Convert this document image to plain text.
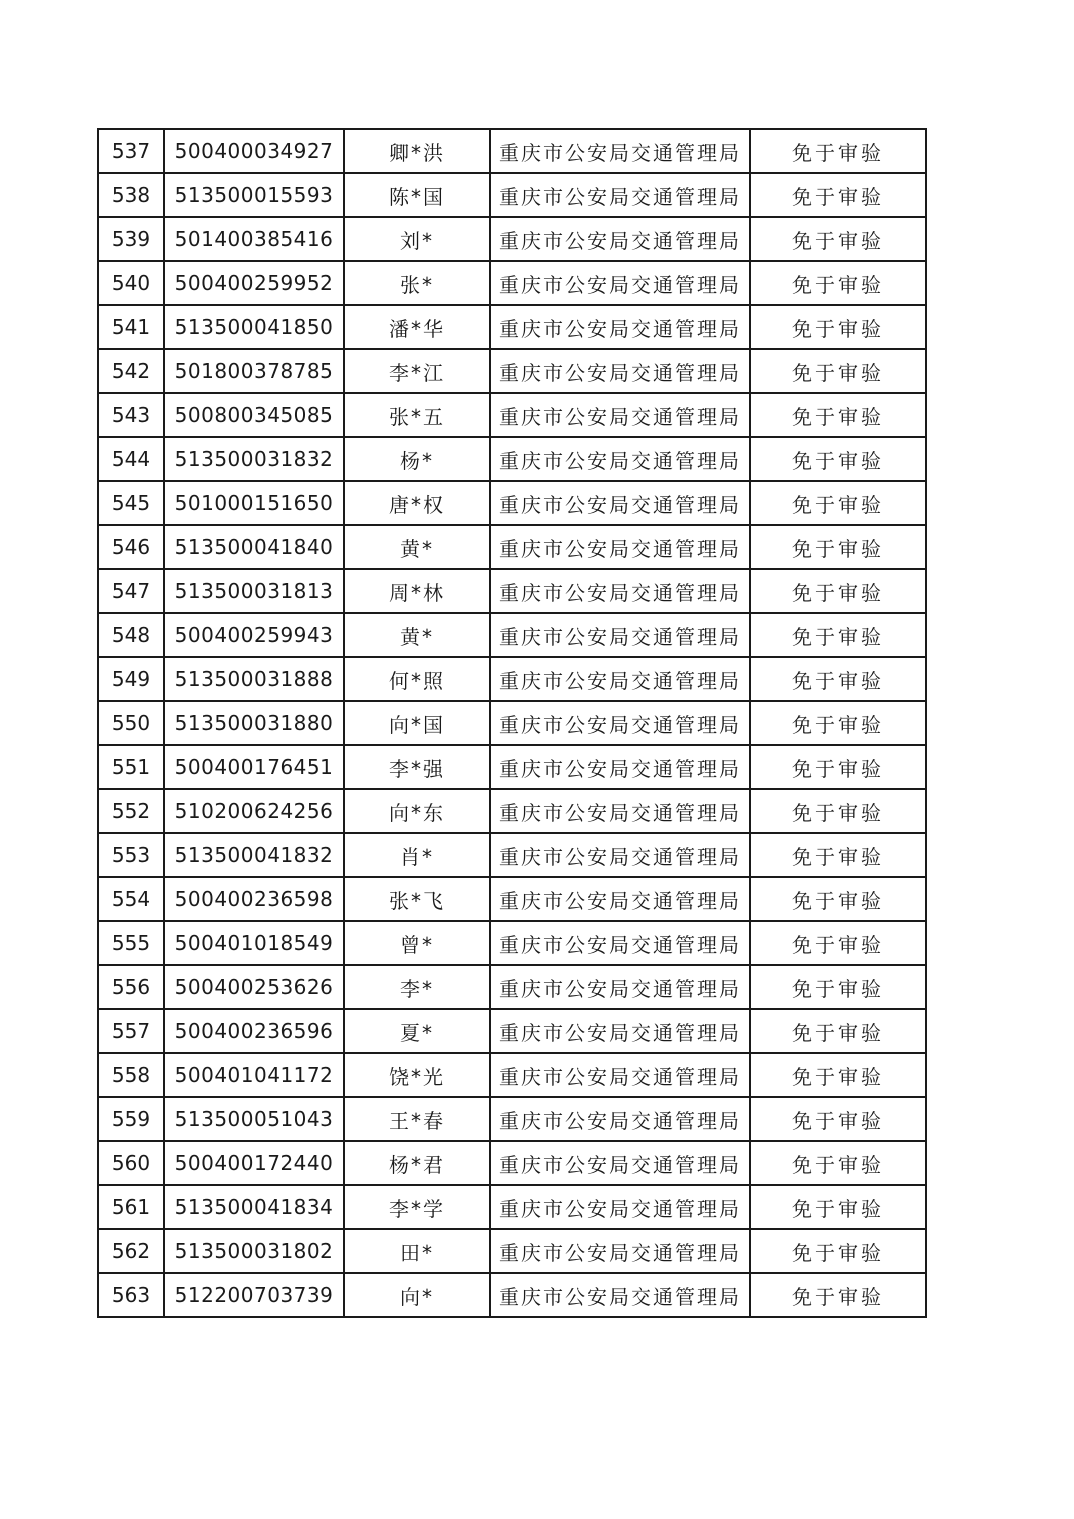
537	500400034927	卿*洪	重庆市公安局交通管理局	免于审验
538	513500015593	陈*国	重庆市公安局交通管理局	免于审验
539	501400385416	刘*	重庆市公安局交通管理局	免于审验
540	500400259952	张*	重庆市公安局交通管理局	免于审验
541	513500041850	潘*华	重庆市公安局交通管理局	免于审验
542	501800378785	李*江	重庆市公安局交通管理局	免于审验
543	500800345085	张*五	重庆市公安局交通管理局	免于审验
544	513500031832	杨*	重庆市公安局交通管理局	免于审验
545	501000151650	唐*权	重庆市公安局交通管理局	免于审验
546	513500041840	黄*	重庆市公安局交通管理局	免于审验
547	513500031813	周*林	重庆市公安局交通管理局	免于审验
548	500400259943	黄*	重庆市公安局交通管理局	免于审验
549	513500031888	何*照	重庆市公安局交通管理局	免于审验
550	513500031880	向*国	重庆市公安局交通管理局	免于审验
551	500400176451	李*强	重庆市公安局交通管理局	免于审验
552	510200624256	向*东	重庆市公安局交通管理局	免于审验
553	513500041832	肖*	重庆市公安局交通管理局	免于审验
554	500400236598	张*飞	重庆市公安局交通管理局	免于审验
555	500401018549	曾*	重庆市公安局交通管理局	免于审验
556	500400253626	李*	重庆市公安局交通管理局	免于审验
557	500400236596	夏*	重庆市公安局交通管理局	免于审验
558	500401041172	饶*光	重庆市公安局交通管理局	免于审验
559	513500051043	王*春	重庆市公安局交通管理局	免于审验
560	500400172440	杨*君	重庆市公安局交通管理局	免于审验
561	513500041834	李*学	重庆市公安局交通管理局	免于审验
562	513500031802	田*	重庆市公安局交通管理局	免于审验
563	512200703739	向*	重庆市公安局交通管理局	免于审验
